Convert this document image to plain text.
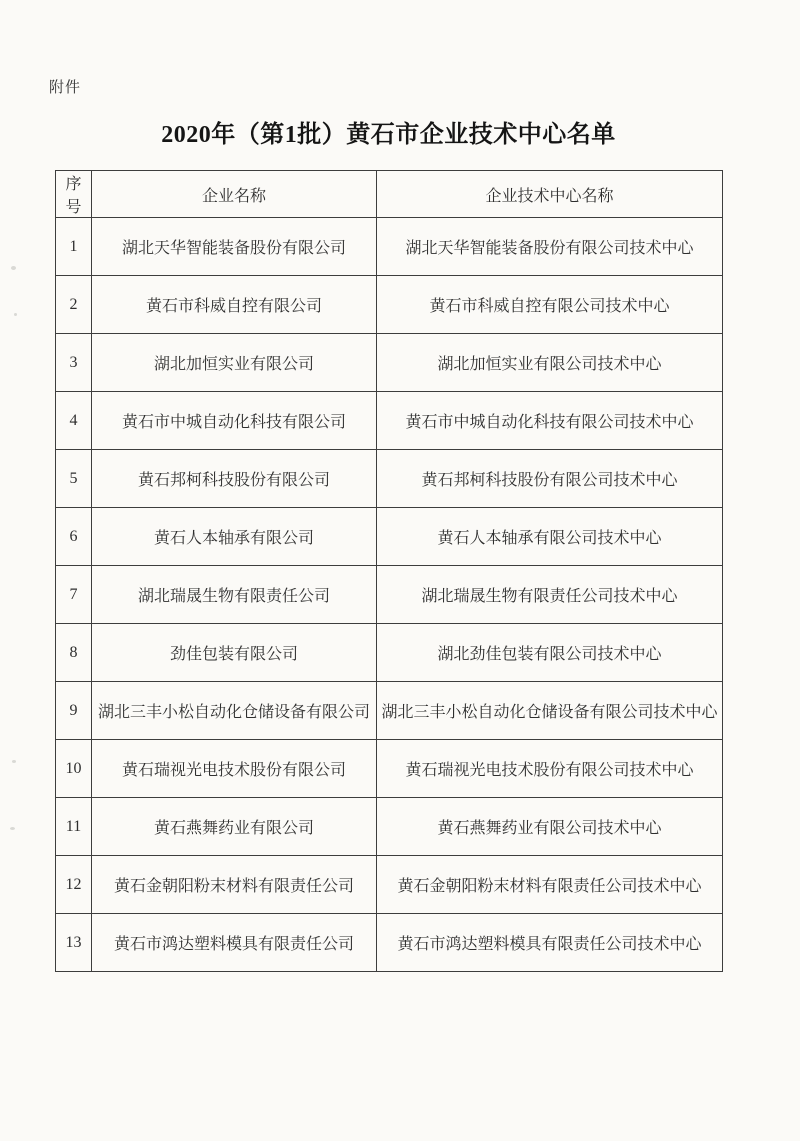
附件
2020年（第1批）黄石市企业技术中心名单
序号	企业名称	企业技术中心名称
1	湖北天华智能装备股份有限公司	湖北天华智能装备股份有限公司技术中心
2	黄石市科威自控有限公司	黄石市科威自控有限公司技术中心
3	湖北加恒实业有限公司	湖北加恒实业有限公司技术中心
4	黄石市中城自动化科技有限公司	黄石市中城自动化科技有限公司技术中心
5	黄石邦柯科技股份有限公司	黄石邦柯科技股份有限公司技术中心
6	黄石人本轴承有限公司	黄石人本轴承有限公司技术中心
7	湖北瑞晟生物有限责任公司	湖北瑞晟生物有限责任公司技术中心
8	劲佳包装有限公司	湖北劲佳包装有限公司技术中心
9	湖北三丰小松自动化仓储设备有限公司	湖北三丰小松自动化仓储设备有限公司技术中心
10	黄石瑞视光电技术股份有限公司	黄石瑞视光电技术股份有限公司技术中心
11	黄石燕舞药业有限公司	黄石燕舞药业有限公司技术中心
12	黄石金朝阳粉末材料有限责任公司	黄石金朝阳粉末材料有限责任公司技术中心
13	黄石市鸿达塑料模具有限责任公司	黄石市鸿达塑料模具有限责任公司技术中心
